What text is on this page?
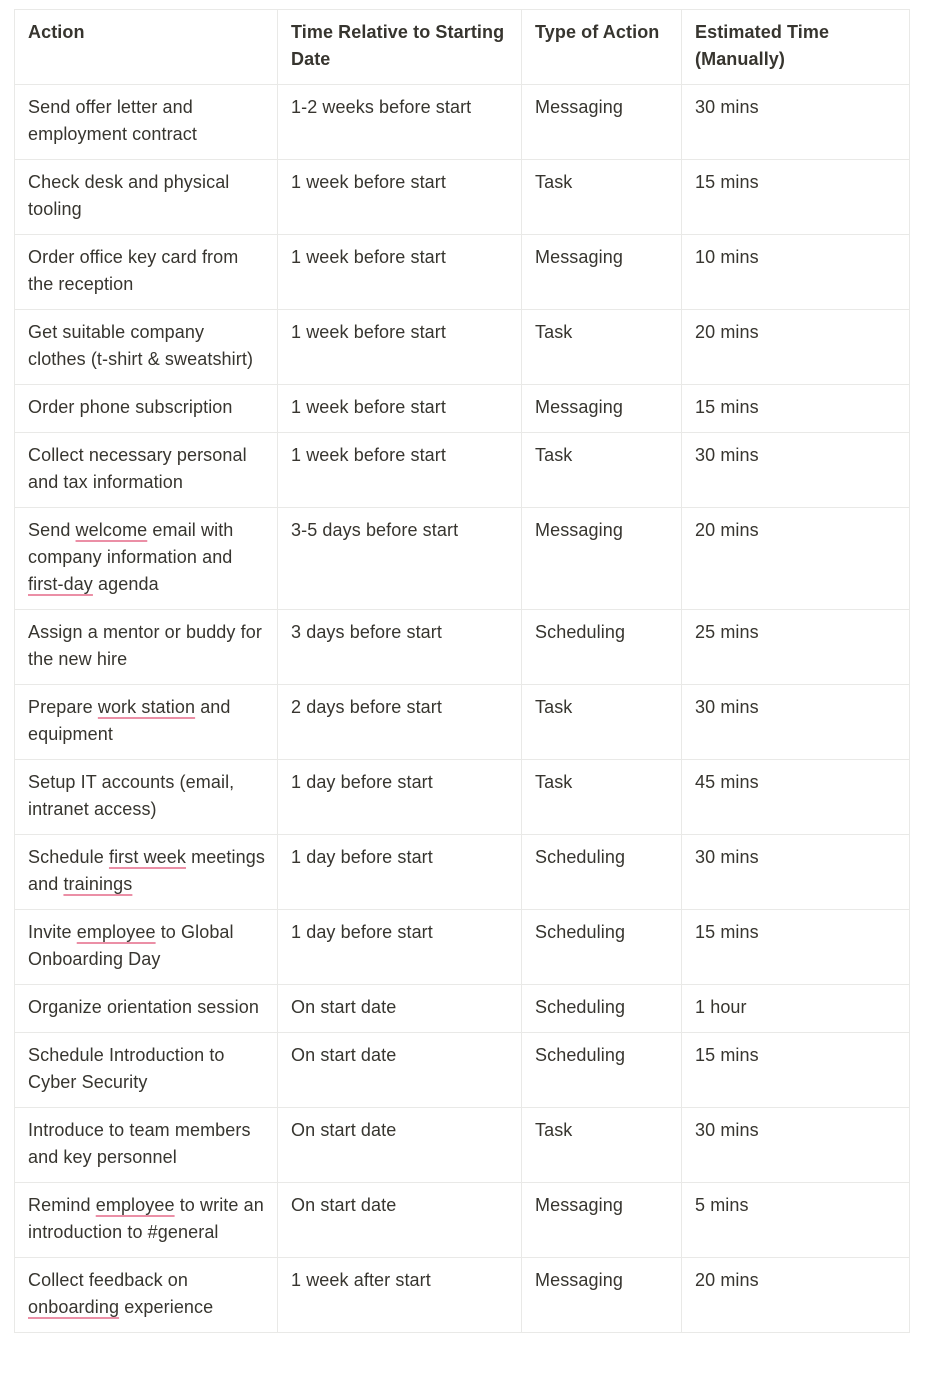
Action	Time Relative to Starting Date	Type of Action	Estimated Time (Manually)
Send offer letter and employment contract	1-2 weeks before start	Messaging	30 mins
Check desk and physical tooling	1 week before start	Task	15 mins
Order office key card from the reception	1 week before start	Messaging	10 mins
Get suitable company clothes (t-shirt & sweatshirt)	1 week before start	Task	20 mins
Order phone subscription	1 week before start	Messaging	15 mins
Collect necessary personal and tax information	1 week before start	Task	30 mins
Send welcome email with company information and first-day agenda	3-5 days before start	Messaging	20 mins
Assign a mentor or buddy for the new hire	3 days before start	Scheduling	25 mins
Prepare work station and equipment	2 days before start	Task	30 mins
Setup IT accounts (email, intranet access)	1 day before start	Task	45 mins
Schedule first week meetings and trainings	1 day before start	Scheduling	30 mins
Invite employee to Global Onboarding Day	1 day before start	Scheduling	15 mins
Organize orientation session	On start date	Scheduling	1 hour
Schedule Introduction to Cyber Security	On start date	Scheduling	15 mins
Introduce to team members and key personnel	On start date	Task	30 mins
Remind employee to write an introduction to #general	On start date	Messaging	5 mins
Collect feedback on onboarding experience	1 week after start	Messaging	20 mins
